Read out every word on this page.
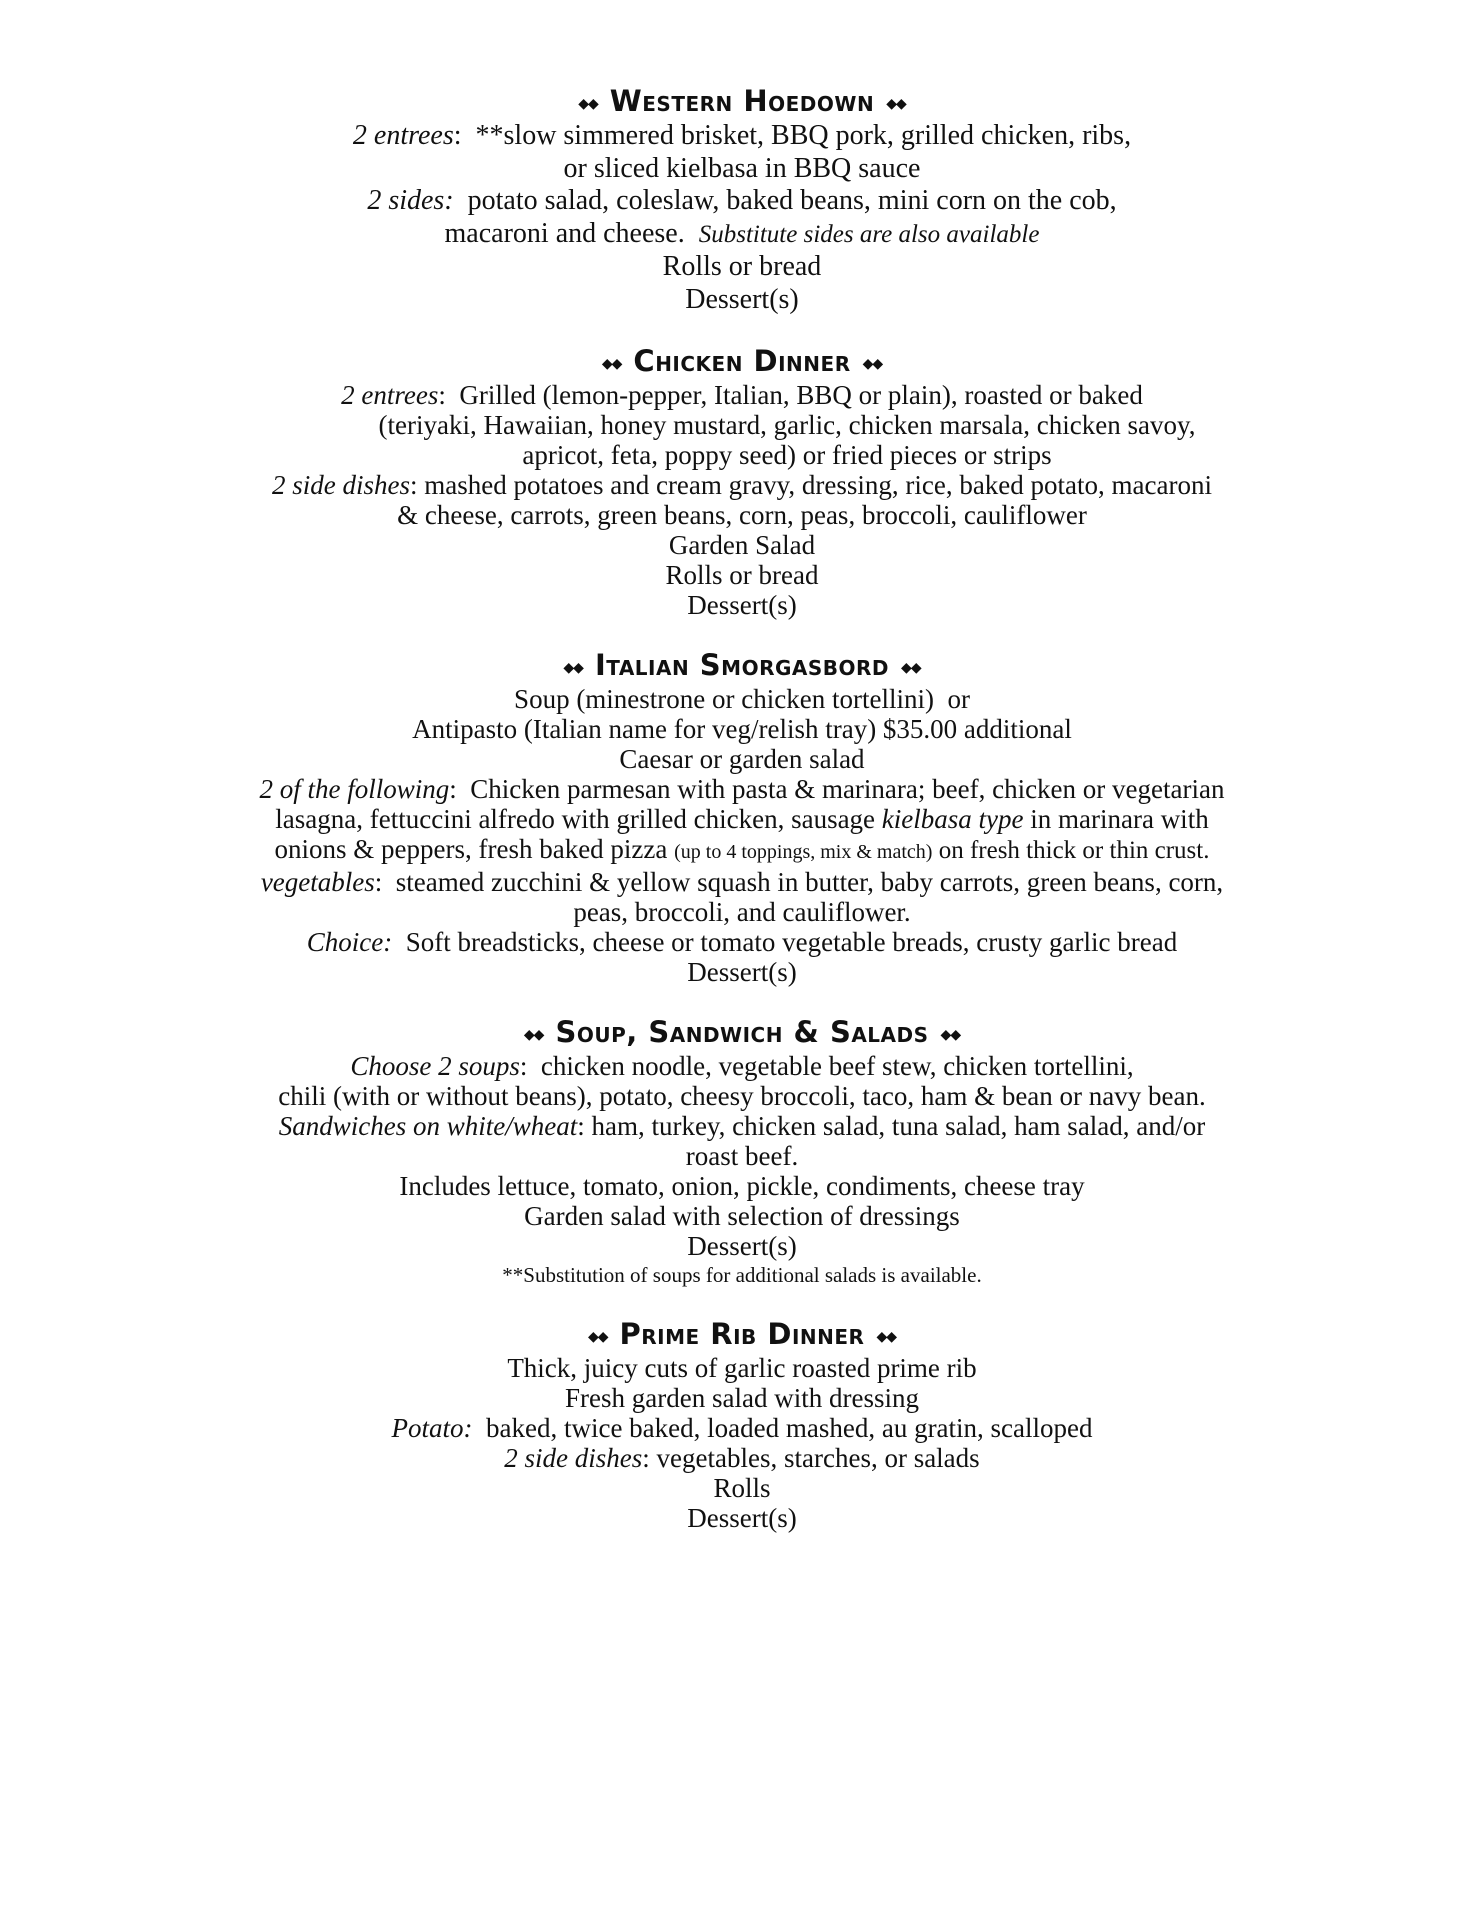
◆◆ Western Hoedown ◆◆
2 entrees:  **slow simmered brisket, BBQ pork, grilled chicken, ribs,
or sliced kielbasa in BBQ sauce
2 sides:  potato salad, coleslaw, baked beans, mini corn on the cob,
macaroni and cheese.  Substitute sides are also available
Rolls or bread
Dessert(s)
◆◆ Chicken Dinner ◆◆
2 entrees:  Grilled (lemon-pepper, Italian, BBQ or plain), roasted or baked
(teriyaki, Hawaiian, honey mustard, garlic, chicken marsala, chicken savoy,
apricot, feta, poppy seed) or fried pieces or strips
2 side dishes: mashed potatoes and cream gravy, dressing, rice, baked potato, macaroni
& cheese, carrots, green beans, corn, peas, broccoli, cauliflower
Garden Salad
Rolls or bread
Dessert(s)
◆◆ Italian Smorgasbord ◆◆
Soup (minestrone or chicken tortellini)  or
Antipasto (Italian name for veg/relish tray) $35.00 additional
Caesar or garden salad
2 of the following:  Chicken parmesan with pasta & marinara; beef, chicken or vegetarian
lasagna, fettuccini alfredo with grilled chicken, sausage kielbasa type in marinara with
onions & peppers, fresh baked pizza (up to 4 toppings, mix & match) on fresh thick or thin crust.
vegetables:  steamed zucchini & yellow squash in butter, baby carrots, green beans, corn,
peas, broccoli, and cauliflower.
Choice:  Soft breadsticks, cheese or tomato vegetable breads, crusty garlic bread
Dessert(s)
◆◆ Soup, Sandwich & Salads ◆◆
Choose 2 soups:  chicken noodle, vegetable beef stew, chicken tortellini,
chili (with or without beans), potato, cheesy broccoli, taco, ham & bean or navy bean.
Sandwiches on white/wheat: ham, turkey, chicken salad, tuna salad, ham salad, and/or
roast beef.
Includes lettuce, tomato, onion, pickle, condiments, cheese tray
Garden salad with selection of dressings
Dessert(s)
**Substitution of soups for additional salads is available.
◆◆ Prime Rib Dinner ◆◆
Thick, juicy cuts of garlic roasted prime rib
Fresh garden salad with dressing
Potato:  baked, twice baked, loaded mashed, au gratin, scalloped
2 side dishes: vegetables, starches, or salads
Rolls
Dessert(s)
